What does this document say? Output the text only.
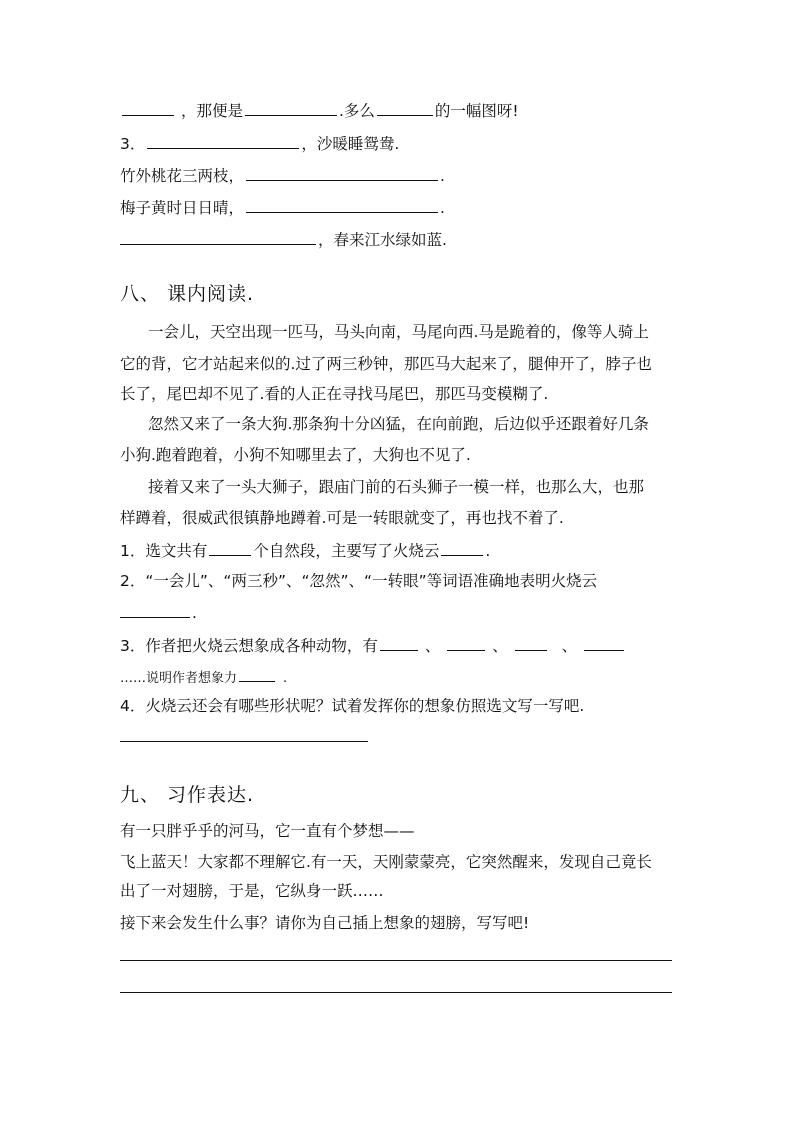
，那便是	.多么	的一幅图呀!
3．	，沙暖睡鸳鸯.
竹外桃花三两枝，	.
梅子黄时日日晴，	.
，春来江水绿如蓝.
八、 课内阅读.
一会儿，天空出现一匹马，马头向南，马尾向西.马是跪着的，像等人骑上
它的背，它才站起来似的.过了两三秒钟，那匹马大起来了，腿伸开了，脖子也
长了，尾巴却不见了.看的人正在寻找马尾巴，那匹马变模糊了.
忽然又来了一条大狗.那条狗十分凶猛，在向前跑，后边似乎还跟着好几条
小狗.跑着跑着，小狗不知哪里去了，大狗也不见了.
接着又来了一头大狮子，跟庙门前的石头狮子一模一样，也那么大，也那
样蹲着，很威武很镇静地蹲着.可是一转眼就变了，再也找不着了.
1．选文共有	个自然段，主要写了火烧云	.
2．“一会儿”、“两三秒”、“忽然”、“一转眼”等词语准确地表明火烧云
.
3．作者把火烧云想象成各种动物，有	、	、	、
……说明作者想象力	.
4．火烧云还会有哪些形状呢？试着发挥你的想象仿照选文写一写吧.
九、 习作表达.
有一只胖乎乎的河马，它一直有个梦想——
飞上蓝天！大家都不理解它.有一天，天刚蒙蒙亮，它突然醒来，发现自己竟长
出了一对翅膀，于是，它纵身一跃……
接下来会发生什么事？请你为自己插上想象的翅膀，写写吧!
